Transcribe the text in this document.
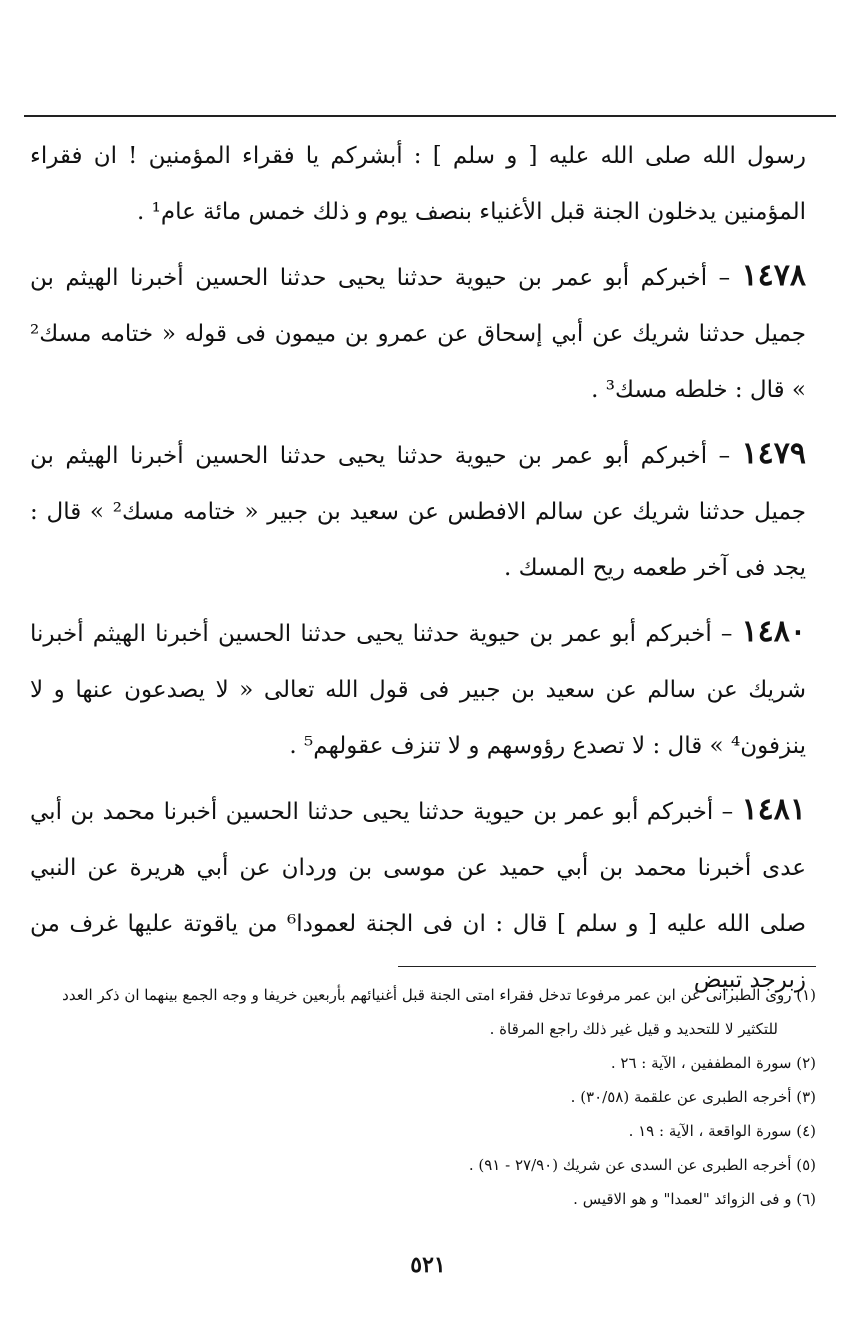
رسول الله صلى الله عليه [ و سلم ] : أبشركم يا فقراء المؤمنين ! ان فقراء المؤمنين يدخلون الجنة قبل الأغنياء بنصف يوم و ذلك خمس مائة عام¹ .

١٤٧٨ – أخبركم أبو عمر بن حيوية حدثنا يحيى حدثنا الحسين أخبرنا الهيثم بن جميل حدثنا شريك عن أبي إسحاق عن عمرو بن ميمون فى قوله « ختامه مسك² » قال : خلطه مسك³ .

١٤٧٩ – أخبركم أبو عمر بن حيوية حدثنا يحيى حدثنا الحسين أخبرنا الهيثم بن جميل حدثنا شريك عن سالم الافطس عن سعيد بن جبير « ختامه مسك² » قال : يجد فى آخر طعمه ريح المسك .

١٤٨٠ – أخبركم أبو عمر بن حيوية حدثنا يحيى حدثنا الحسين أخبرنا الهيثم أخبرنا شريك عن سالم عن سعيد بن جبير فى قول الله تعالى « لا يصدعون عنها و لا ينزفون⁴ » قال : لا تصدع رؤوسهم و لا تنزف عقولهم⁵ .

١٤٨١ – أخبركم أبو عمر بن حيوية حدثنا يحيى حدثنا الحسين أخبرنا محمد بن أبي عدى أخبرنا محمد بن أبي حميد عن موسى بن وردان عن أبي هريرة عن النبي صلى الله عليه [ و سلم ] قال : ان فى الجنة لعمودا⁶ من ياقوتة عليها غرف من زبرجد تبيض

(١) روى الطبرانى عن ابن عمر مرفوعا تدخل فقراء امتى الجنة قبل أغنيائهم بأربعين خريفا و وجه الجمع بينهما ان ذكر العدد

للتكثير لا للتحديد و قيل غير ذلك راجع المرقاة .

(٢) سورة المطففين ، الآية : ٢٦ .

(٣) أخرجه الطبرى عن علقمة (٣٠/٥٨) .

(٤) سورة الواقعة ، الآية : ١٩ .

(٥) أخرجه الطبرى عن السدى عن شريك (٢٧/٩٠ - ٩١) .

(٦) و فى الزوائد "لعمدا" و هو الاقيس .

٥٢١
